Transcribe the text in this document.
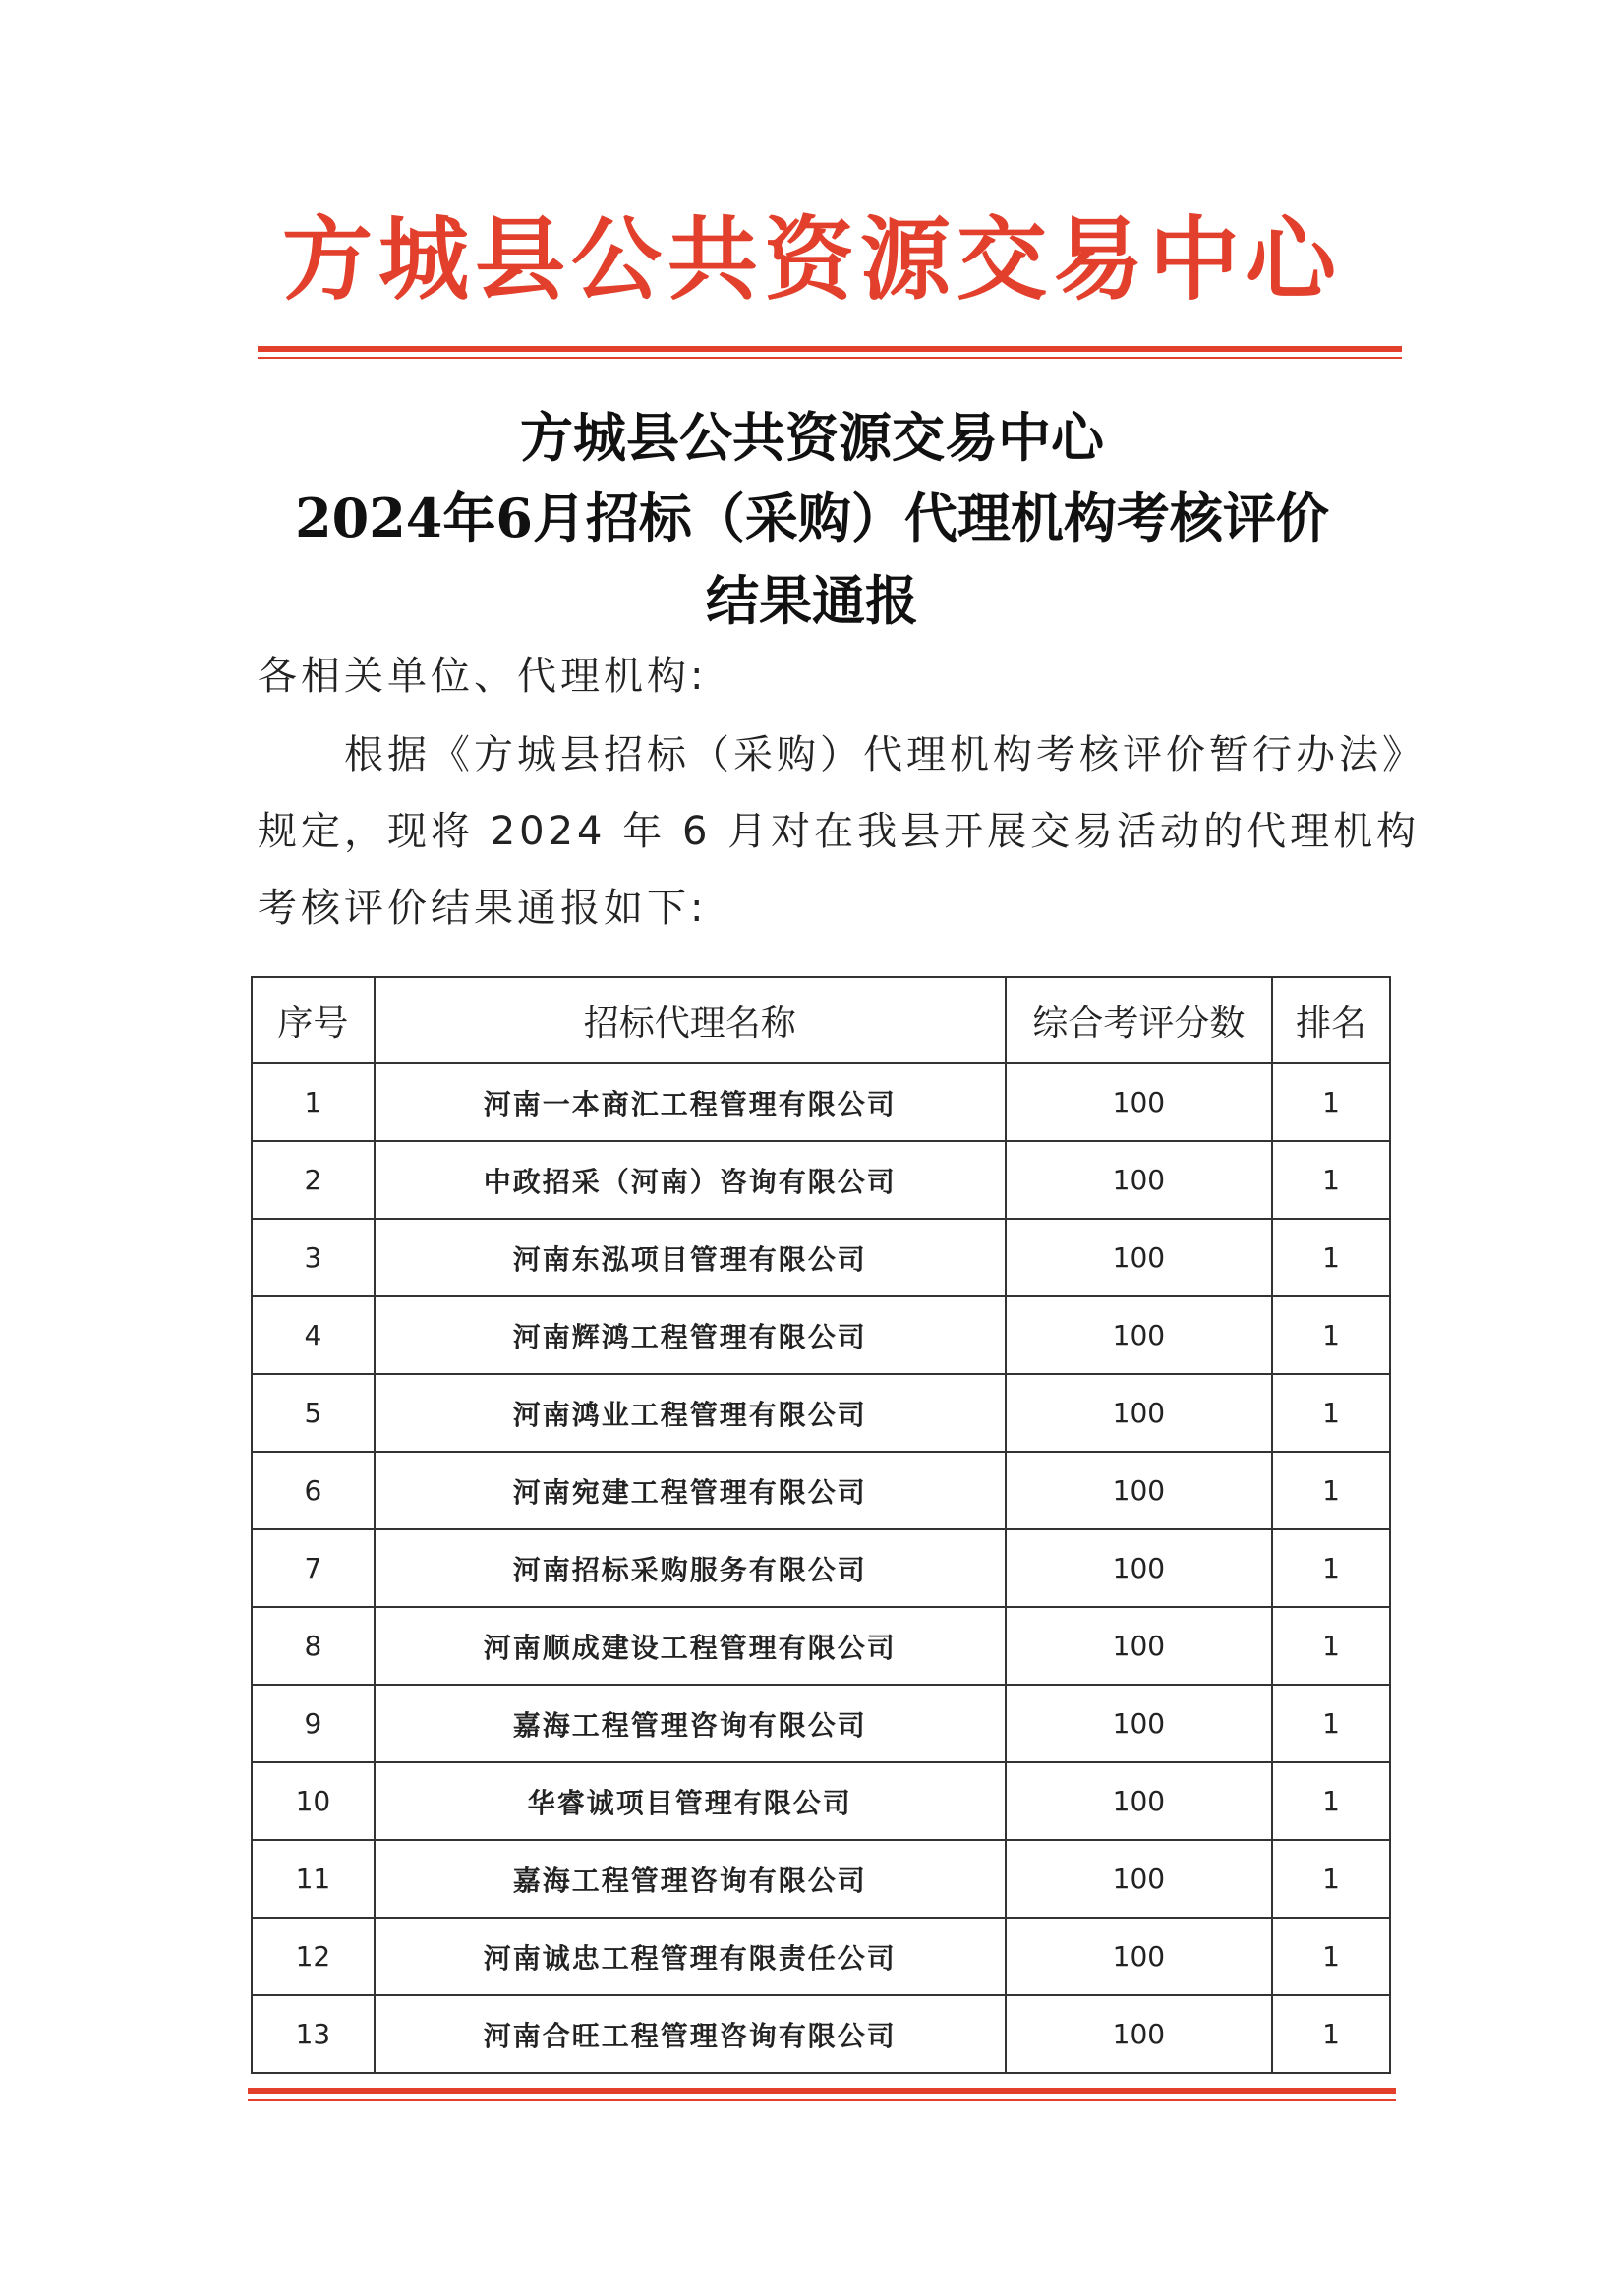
方城县公共资源交易中心
方城县公共资源交易中心
2024年6月招标（采购）代理机构考核评价
结果通报
各相关单位、代理机构:
根据《方城县招标（采购）代理机构考核评价暂行办法》
规定，现将 2024 年 6 月对在我县开展交易活动的代理机构
考核评价结果通报如下:
序号	招标代理名称	综合考评分数	排名
1	河南一本商汇工程管理有限公司	100	1
2	中政招采（河南）咨询有限公司	100	1
3	河南东泓项目管理有限公司	100	1
4	河南辉鸿工程管理有限公司	100	1
5	河南鸿业工程管理有限公司	100	1
6	河南宛建工程管理有限公司	100	1
7	河南招标采购服务有限公司	100	1
8	河南顺成建设工程管理有限公司	100	1
9	嘉海工程管理咨询有限公司	100	1
10	华睿诚项目管理有限公司	100	1
11	嘉海工程管理咨询有限公司	100	1
12	河南诚忠工程管理有限责任公司	100	1
13	河南合旺工程管理咨询有限公司	100	1
